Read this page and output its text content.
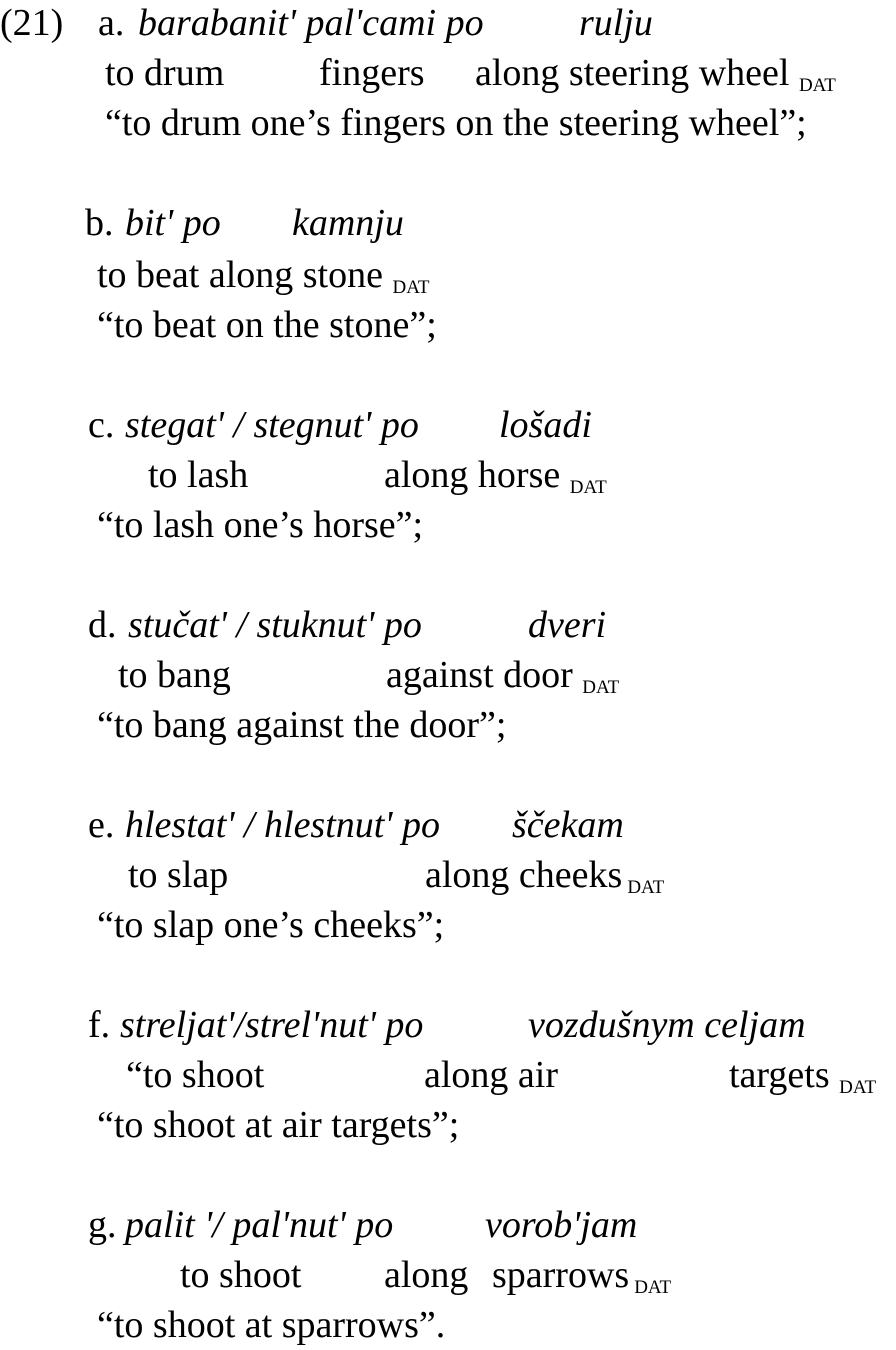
(21) a. barabanit' pal'cami po	rulju
to drum fingers along steering wheel $_{DAT}$
“to drum one’s fingers on the steering wheel”;
b. bit' po kamnju
to beat along stone $_{DAT}$
“to beat on the stone”;
c. stegat' / stegnut' po lošadi
to lash	along horse $_{DAT}$
“to lash one’s horse”;
d. stučat' / stuknut' po	dveri
to bang	against door $_{DAT}$
“to bang against the door”;
e. hlestat' / hlestnut' po ščekam
to slap	along cheeks $_{DAT}$
“to slap one’s cheeks”;
f. streljat'/strel'nut' po	vozdušnym celjam
“to shoot	along air	targets $_{DAT}$
“to shoot at air targets”;
g. palit '/ pal'nut' po vorob'jam
to shoot along sparrows $_{DAT}$
“to shoot at sparrows”.
